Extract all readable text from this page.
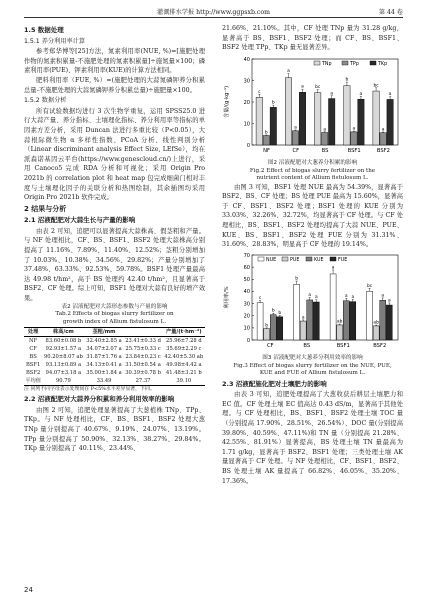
灌溉排水学报 http://www.ggpsxb.com	第 44 卷
1.5 数据处理
1.5.1 养分利用率计算
参考郑华博等[25]方法，氮素利用率(NUE, %)=[施肥处理作物的氮素积累量-不施肥处理的氮素积累量]÷施氮量×100；磷素利用率(PUE)、钾素利用率(KUE)的计算方法相同。
肥料利用率（FUE, %）=(施肥处理的大蒜氮磷钾养分积累总量-不施肥处理的大蒜氮磷钾养分积累总量)÷施肥量×100。
1.5.2 数据分析
所有试验数据均进行 3 次生物学重复，运用 SPSS25.0 进行大蒜产量、养分指标、土壤理化指标、养分利用率等指标的单因素方差分析，采用 Duncan 法进行多重比较（P<0.05），大蒜根际微生物 α 多样性指数、PCoA 分析、线性判别分析（Linear discriminant analysis Effect Size, LEfSe），均在派森诺基因云平台(https://www.genescloud.cn/)上进行，采用 Canoco5 完成 RDA 分析和可视化；采用 Origin Pro 2021b 的 correlation plot 和 heat map 包完成细菌门相对丰度与土壤理化因子的关联分析和热图绘制，其余插图均采用 Origin Pro 2021b 软件完成。
2 结果与分析
2.1 沼液配肥对大蒜生长与产量的影响
由表 2 可知，追肥可以显著提高大蒜株高、假茎粗和产量。与 NF 处理相比，CF、BS、BSF1、BSF2 处理大蒜株高分别提高了 11.16%、7.89%、11.40%、12.52%；茎粗分别增加了 10.03%、10.38%、34.56%、29.82%；产量分别增加了 37.48%、63.33%、92.53%、59.78%。BSF1 处理产量最高达 49.98 t/hm²，高于 BS 处理约 42.40 t/hm²，且显著高于 BSF2、CF 处理。综上可知，BSF1 处理对大蒜有良好的增产效果。
表2 沼液配肥对大蒜形态参数与产量的影响
Tab.2 Effects of biogas slurry fertilizer on
growth index of Allium fistulosum L.
处理	株高/cm	茎粗/mm		产量/(t·hm⁻²)
NF	83.60±0.08 b	32.40±2.85 a	23.41±0.33 d	25.96±7.28 d
CF	92.93±1.57 a	34.07±2.07 a	25.75±0.33 c	35.69±2.29 c
BS	90.20±8.07 ab	31.87±1.76 a	23.84±0.23 c	42.40±5.30 ab
BSF1	93.13±0.89 a	34.13±0.41 a	31.50±0.54 a	49.98±4.42 a
BSF2	94.07±3.18 a	35.00±1.84 a	30.39±0.78 b	41.48±3.21 b
平均值	90.79	33.49	27.37	39.10
注 同列不同字母表示处理间在 P<5%水平差异显著，下同。
2.2 沼液配肥对大蒜养分积累和养分利用效率的影响
由图 2 可知，追肥处理显著提高了大葱植株 TNp、TPp、TKp。与 NF 处理相比，CF、BS、BSF1、BSF2 处理大葱 TNp 量分别提高了 40.67%、9.19%、24.07%、13.19%。TPp 量分别提高了 50.90%、32.13%、38.27%、29.84%。TKp 量分别提高了 40.11%、23.44%、
21.66%、21.10%。其中，CF 处理 TNp 量为 31.28 g/kg，显著高于 BS、BSF1、BSF2 处理；而 CF、BS、BSF1、BSF2 处理 TPp、TKp 量无显著差异。
0
10
20
30
40
含量/(g·kg⁻¹)	c
b
b
NF
a
a
a
CF
bc
a
a
BS
b
a
a
BSF1
bc
a
a
BSF2
TNp	TPp	TKp
图2 沼液配肥对大葱养分积累的影响
Fig.2 Effect of biogas slurry fertilizer on the
nutrient content of Allium fistulosum L.
由图 3 可知，BSF1 处理 NUE 最高为 54.39%，显著高于 BSF2、BS、CF 处理；BS 处理 PUE 最高为 15.60%，显著高于 CF、BSF1、BSF2 处理；BSF1 处理的 KUE 分别为 33.03%、32.26%、32.72%，均显著高于 CF 处理。与 CF 处理相比，BS、BSF1、BSF2 处理均提高了大蒜 NUE、PUE、KUE、BS、BSF1、BSF2 处理 FUE 分别为 31.31%、31.60%、28.83%，明显高于 CF 处理的 19.14%。
0
10
20
30
40
50
60
70
利用率/%	c
b
b b
CF
b
a
a a
BS
a
ab
a a
BSF1
bc
ab
a
a
BSF2
NUE	PUE	KUE	FUE
图3 沼液配肥对大葱养分利用效率的影响
Fig.3 Effect of biogas slurry fertilizer on the NUE, PUE,
KUE and FUE of Allium fistulosum L.
2.3 沼液配施化肥对土壤肥力的影响
由表 3 可知，追肥处理提高了大葱收获后耕层土壤肥力和 EC 值。CF 处理土壤 EC 值高达 0.43 dS/m，显著高于其他处理。与 CF 处理相比，BS、BSF1、BSF2 处理土壤 TOC 量（分别提高 17.90%、28.51%、26.54%）、DOC 量(分别提高 39.80%、40.59%、47.11%)和 TN 量（分别提高 21.28%、42.55%、81.91%）显著提高，BS 处理土壤 TN 量最高为 1.71 g/kg，显著高于 BSF2、BSF1 处理；三类处理土壤 AK 量显著高于 CF 处理。与 NF 处理相比，CF、BSF1、BSF2、BS 处理土壤 AK 量提高了 66.82%、46.05%、35.20%、17.36%。
24
